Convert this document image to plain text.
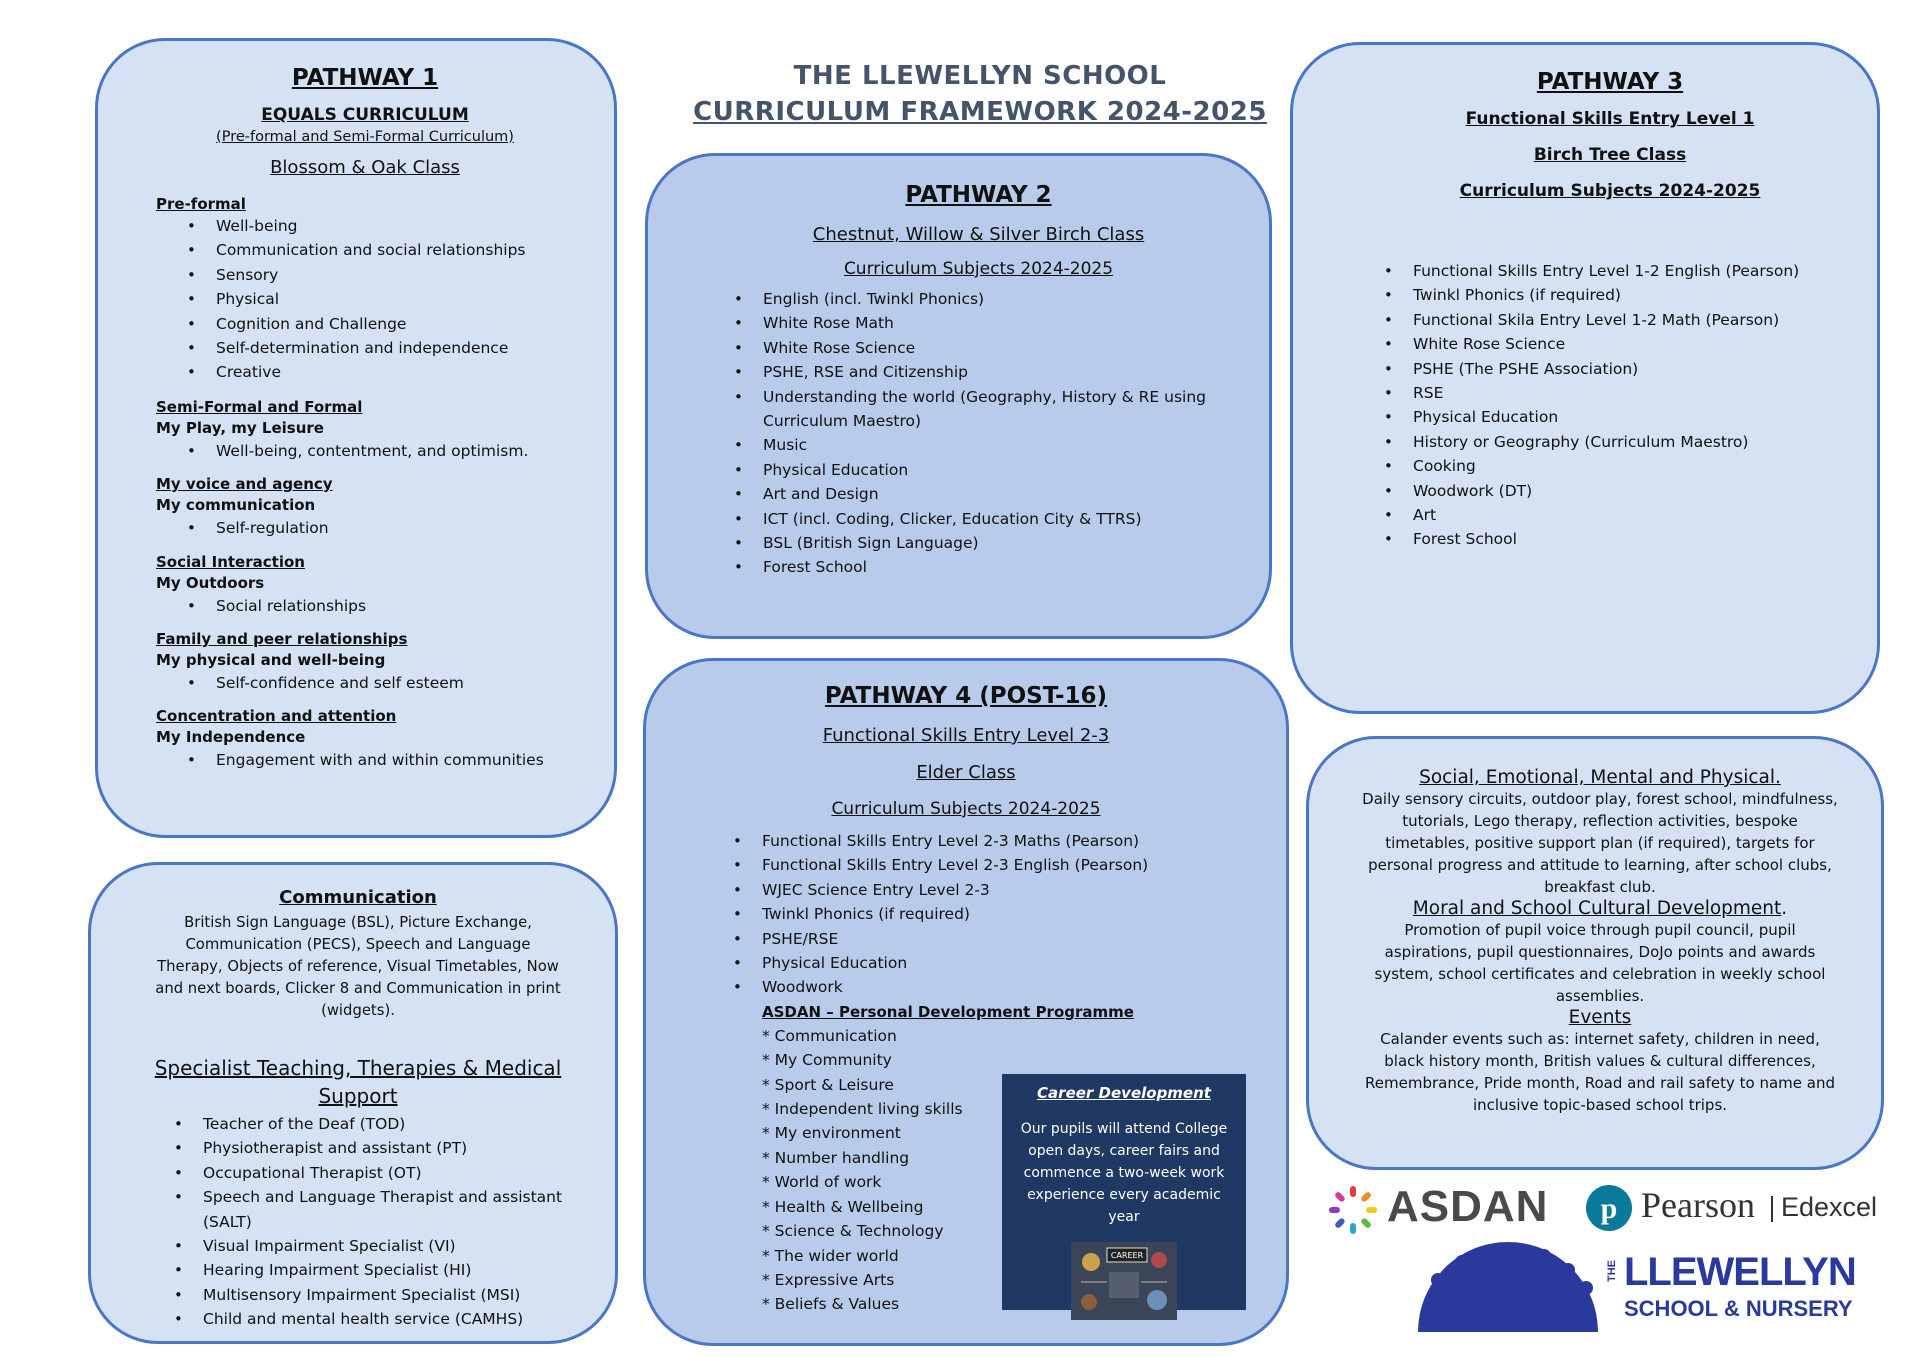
THE LLEWELLYN SCHOOL
CURRICULUM FRAMEWORK 2024-2025
PATHWAY 1
EQUALS CURRICULUM
(Pre-formal and Semi-Formal Curriculum)
Blossom & Oak Class
Pre-formal
• Well-being
• Communication and social relationships
• Sensory
• Physical
• Cognition and Challenge
• Self-determination and independence
• Creative
Semi-Formal and Formal
My Play, my Leisure
• Well-being, contentment, and optimism.
My voice and agency
My communication
• Self-regulation
Social Interaction
My Outdoors
• Social relationships
Family and peer relationships
My physical and well-being
• Self-confidence and self esteem
Concentration and attention
My Independence
• Engagement with and within communities
Communication

British Sign Language (BSL), Picture Exchange, Communication (PECS), Speech and Language Therapy, Objects of reference, Visual Timetables, Now and next boards, Clicker 8 and Communication in print (widgets).

Specialist Teaching, Therapies & Medical
Support
• Teacher of the Deaf (TOD)
• Physiotherapist and assistant (PT)
• Occupational Therapist (OT)
• Speech and Language Therapist and assistant (SALT)
• Visual Impairment Specialist (VI)
• Hearing Impairment Specialist (HI)
• Multisensory Impairment Specialist (MSI)
• Child and mental health service (CAMHS)
PATHWAY 2
Chestnut, Willow & Silver Birch Class
Curriculum Subjects 2024-2025
• English (incl. Twinkl Phonics)
• White Rose Math
• White Rose Science
• PSHE, RSE and Citizenship
• Understanding the world (Geography, History & RE using Curriculum Maestro)
• Music
• Physical Education
• Art and Design
• ICT (incl. Coding, Clicker, Education City & TTRS)
• BSL (British Sign Language)
• Forest School
PATHWAY 3
Functional Skills Entry Level 1
Birch Tree Class
Curriculum Subjects 2024-2025
• Functional Skills Entry Level 1-2 English (Pearson)
• Twinkl Phonics (if required)
• Functional Skila Entry Level 1-2 Math (Pearson)
• White Rose Science
• PSHE (The PSHE Association)
• RSE
• Physical Education
• History or Geography (Curriculum Maestro)
• Cooking
• Woodwork (DT)
• Art
• Forest School
PATHWAY 4 (POST-16)
Functional Skills Entry Level 2-3
Elder Class
Curriculum Subjects 2024-2025
• Functional Skills Entry Level 2-3 Maths (Pearson)
• Functional Skills Entry Level 2-3 English (Pearson)
• WJEC Science Entry Level 2-3
• Twinkl Phonics (if required)
• PSHE/RSE
• Physical Education
• Woodwork
ASDAN – Personal Development Programme
* Communication
* My Community
* Sport & Leisure
* Independent living skills
* My environment
* Number handling
* World of work
* Health & Wellbeing
* Science & Technology
* The wider world
* Expressive Arts
* Beliefs & Values
Career Development

Our pupils will attend College open days, career fairs and commence a two-week work experience every academic year

CAREER
Social, Emotional, Mental and Physical.

Daily sensory circuits, outdoor play, forest school, mindfulness, tutorials, Lego therapy, reflection activities, bespoke timetables, positive support plan (if required), targets for personal progress and attitude to learning, after school clubs, breakfast club.

Moral and School Cultural Development.

Promotion of pupil voice through pupil council, pupil aspirations, pupil questionnaires, DoJo points and awards system, school certificates and celebration in weekly school assemblies.

Events

Calander events such as: internet safety, children in need, black history month, British values & cultural differences, Remembrance, Pride month, Road and rail safety to name and inclusive topic-based school trips.

ASDAN p Pearson Edexcel
THE LLEWELLYN
SCHOOL & NURSERY
